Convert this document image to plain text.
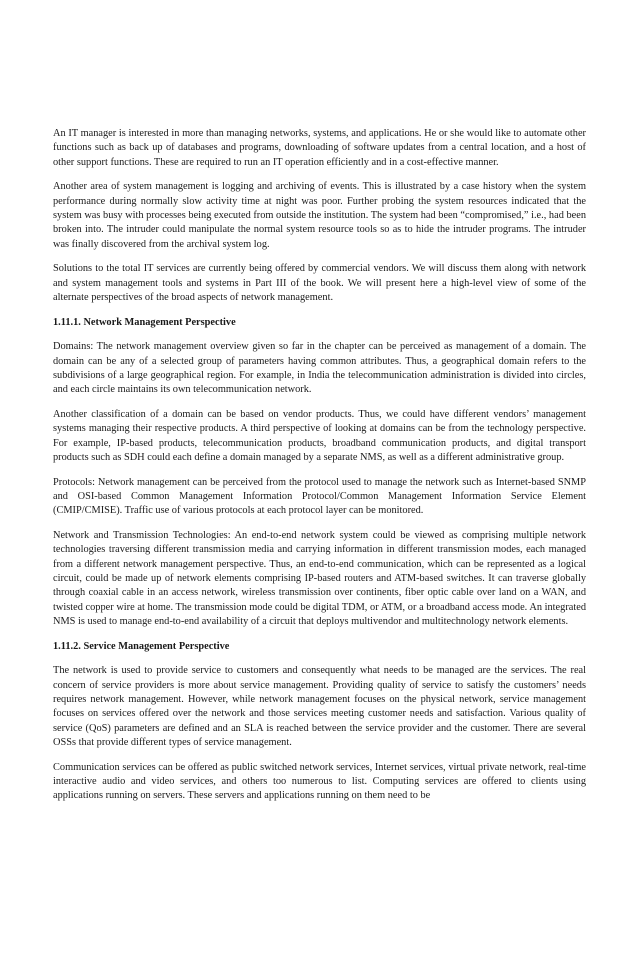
An IT manager is interested in more than managing networks, systems, and applications. He or she would like to automate other functions such as back up of databases and programs, downloading of software updates from a central location, and a host of other support functions. These are required to run an IT operation efficiently and in a cost-effective manner.

Another area of system management is logging and archiving of events. This is illustrated by a case history when the system performance during normally slow activity time at night was poor. Further probing the system resources indicated that the system was busy with processes being executed from outside the institution. The system had been “compromised,” i.e., had been broken into. The intruder could manipulate the normal system resource tools so as to hide the intruder programs. The intruder was finally discovered from the archival system log.

Solutions to the total IT services are currently being offered by commercial vendors. We will discuss them along with network and system management tools and systems in Part III of the book. We will present here a high-level view of some of the alternate perspectives of the broad aspects of network management.

1.11.1. Network Management Perspective

Domains: The network management overview given so far in the chapter can be perceived as management of a domain. The domain can be any of a selected group of parameters having common attributes. Thus, a geographical domain refers to the subdivisions of a large geographical region. For example, in India the telecommunication administration is divided into circles, and each circle maintains its own telecommunication network.

Another classification of a domain can be based on vendor products. Thus, we could have different vendors’ management systems managing their respective products. A third perspective of looking at domains can be from the technology perspective. For example, IP-based products, telecommunication products, broadband communication products, and digital transport products such as SDH could each define a domain managed by a separate NMS, as well as a different administrative group.

Protocols: Network management can be perceived from the protocol used to manage the network such as Internet-based SNMP and OSI-based Common Management Information Protocol/Common Management Information Service Element (CMIP/CMISE). Traffic use of various protocols at each protocol layer can be monitored.

Network and Transmission Technologies: An end-to-end network system could be viewed as comprising multiple network technologies traversing different transmission media and carrying information in different transmission modes, each managed from a different network management perspective. Thus, an end-to-end communication, which can be represented as a logical circuit, could be made up of network elements comprising IP-based routers and ATM-based switches. It can traverse globally through coaxial cable in an access network, wireless transmission over continents, fiber optic cable over land on a WAN, and twisted copper wire at home. The transmission mode could be digital TDM, or ATM, or a broadband access mode. An integrated NMS is used to manage end-to-end availability of a circuit that deploys multivendor and multitechnology network elements.

1.11.2. Service Management Perspective

The network is used to provide service to customers and consequently what needs to be managed are the services. The real concern of service providers is more about service management. Providing quality of service to satisfy the customers’ needs requires network management. However, while network management focuses on the physical network, service management focuses on services offered over the network and those services meeting customer needs and satisfaction. Various quality of service (QoS) parameters are defined and an SLA is reached between the service provider and the customer. There are several OSSs that provide different types of service management.

Communication services can be offered as public switched network services, Internet services, virtual private network, real-time interactive audio and video services, and others too numerous to list. Computing services are offered to clients using applications running on servers. These servers and applications running on them need to be
